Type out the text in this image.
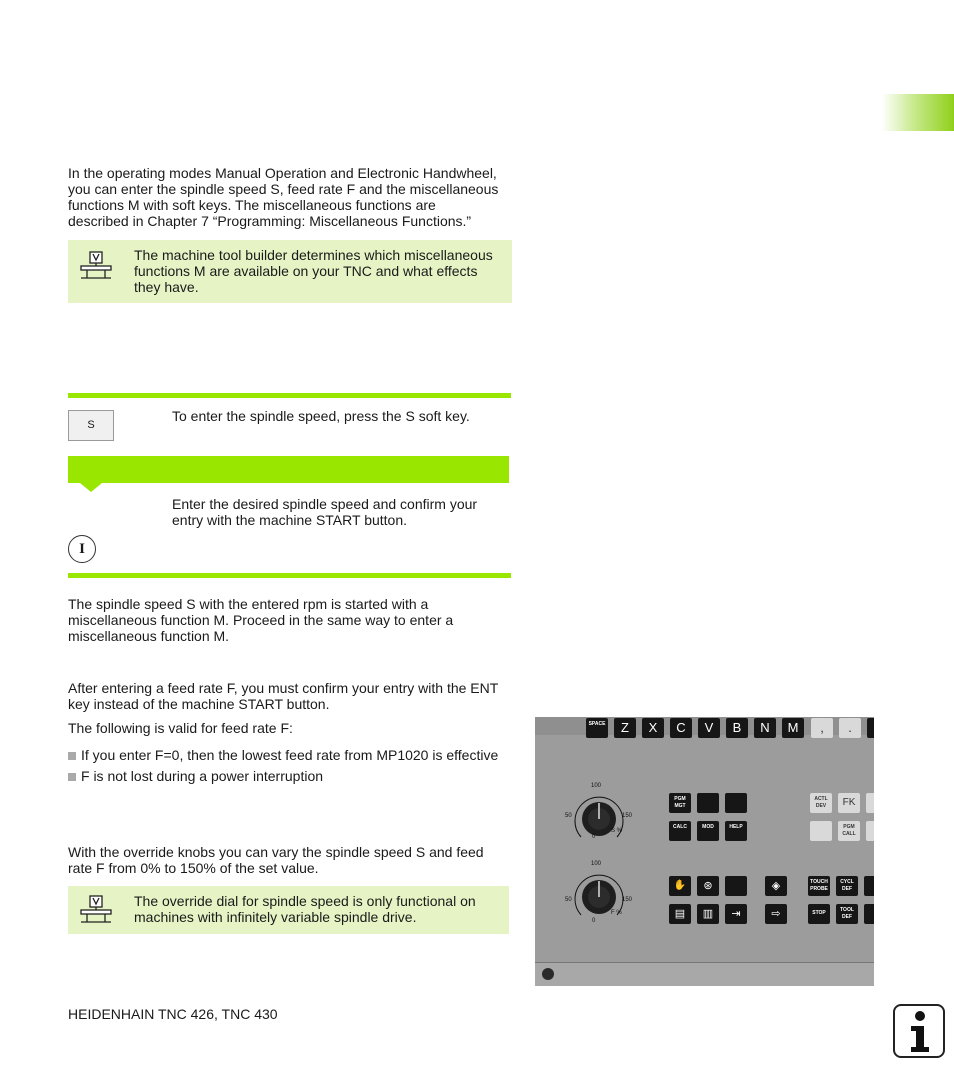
In the operating modes Manual Operation and Electronic Handwheel,

you can enter the spindle speed S, feed rate F and the miscellaneous

functions M with soft keys. The miscellaneous functions are

described in Chapter 7 “Programming: Miscellaneous Functions.”

The machine tool builder determines which miscellaneous
functions M are available on your TNC and what effects
they have.
S
To enter the spindle speed, press the S soft key.

Enter the desired spindle speed and confirm your

entry with the machine START button.

I

The spindle speed S with the entered rpm is started with a

miscellaneous function M. Proceed in the same way to enter a

miscellaneous function M.

After entering a feed rate F, you must confirm your entry with the ENT

key instead of the machine START button.

The following is valid for feed rate F:
If you enter F=0, then the lowest feed rate from MP1020 is effective
F is not lost during a power interruption

With the override knobs you can vary the spindle speed S and feed

rate F from 0% to 150% of the set value.

The override dial for spindle speed is only functional on
machines with infinitely variable spindle drive.
SPACE	Z	X	C	V	B	N	M	,	.
100
50	150
0
S %
100
50	150
0
F %
PGM MGT
CALC	MOD	HELP
ACTL DEV	FK
PGM CALL
✋	⊛	◈	TOUCH PROBE
CYCL DEF
▤	▥	⇥	⇨	STOP	TOOL DEF
HEIDENHAIN TNC 426, TNC 430
